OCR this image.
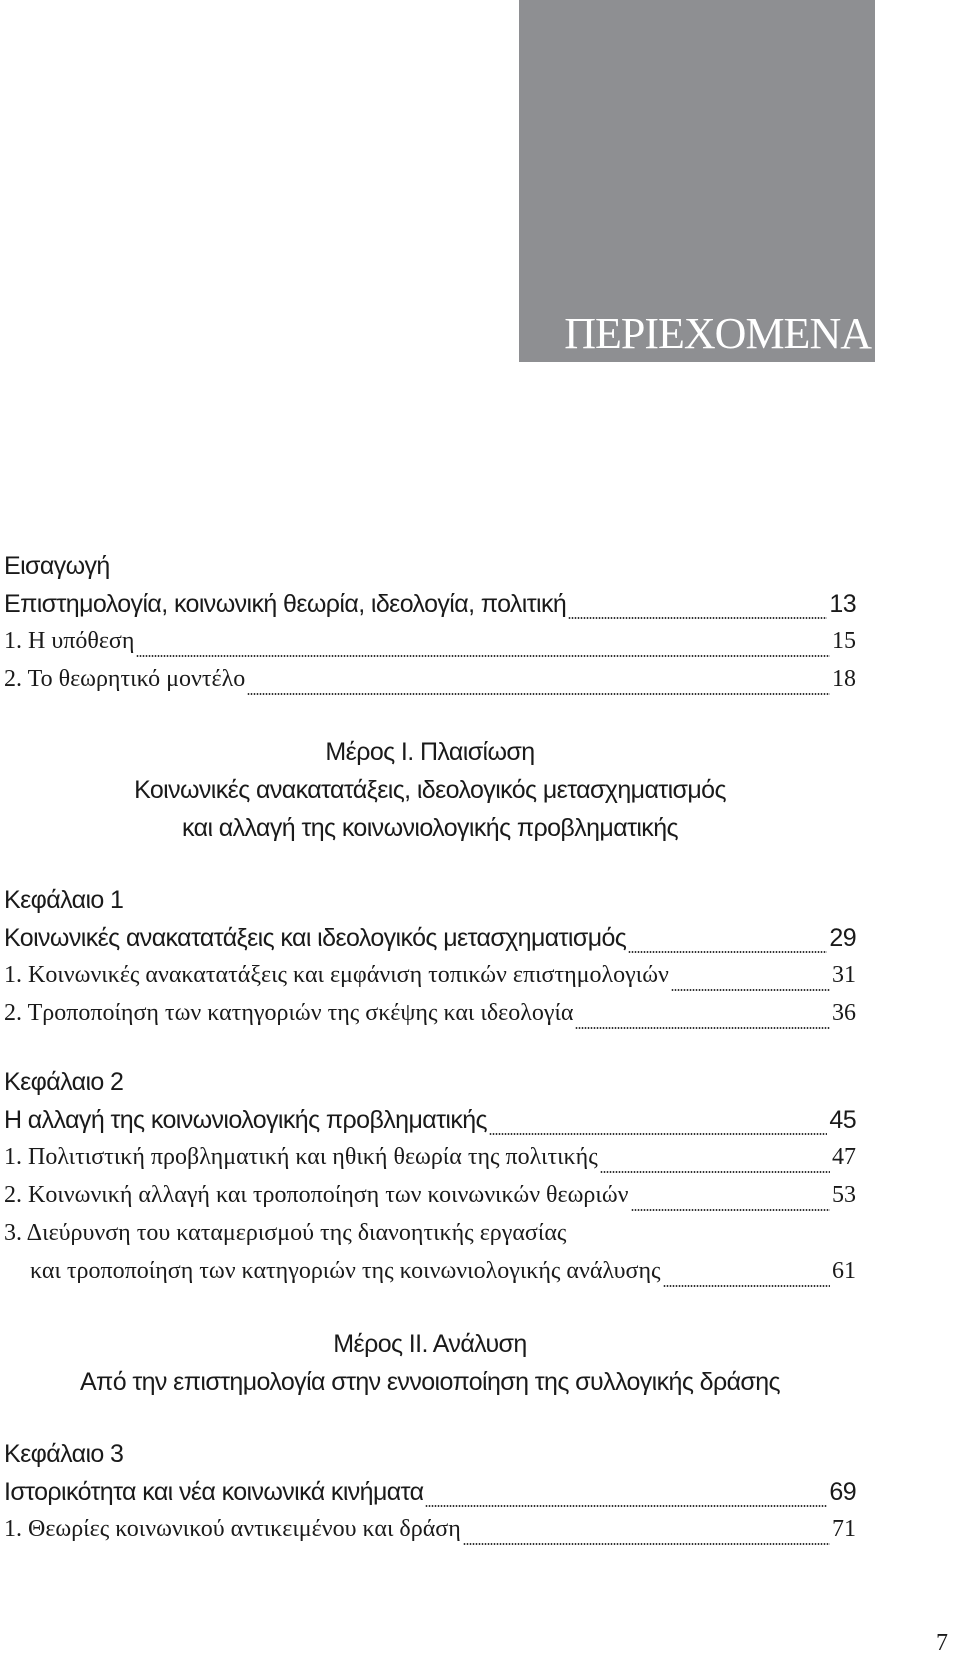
ΠΕΡΙΕΧΟΜΕΝΑ
Εισαγωγή
Επιστημολογία, κοινωνική θεωρία, ιδεολογία, πολιτική	13
1. Η υπόθεση	15
2. Το θεωρητικό μοντέλο	18
Μέρος Ι. Πλαισίωση
Κοινωνικές ανακατατάξεις, ιδεολογικός μετασχηματισμός
και αλλαγή της κοινωνιολογικής προβληματικής
Κεφάλαιο 1
Κοινωνικές ανακατατάξεις και ιδεολογικός μετασχηματισμός	29
1. Κοινωνικές ανακατατάξεις και εμφάνιση τοπικών επιστημολογιών	31
2. Τροποποίηση των κατηγοριών της σκέψης και ιδεολογία	36
Κεφάλαιο 2
Η αλλαγή της κοινωνιολογικής προβληματικής	45
1. Πολιτιστική προβληματική και ηθική θεωρία της πολιτικής	47
2. Κοινωνική αλλαγή και τροποποίηση των κοινωνικών θεωριών	53
3. Διεύρυνση του καταμερισμού της διανοητικής εργασίας
και τροποποίηση των κατηγοριών της κοινωνιολογικής ανάλυσης	61
Μέρος ΙΙ. Ανάλυση
Από την επιστημολογία στην εννοιοποίηση της συλλογικής δράσης
Κεφάλαιο 3
Ιστορικότητα και νέα κοινωνικά κινήματα	69
1. Θεωρίες κοινωνικού αντικειμένου και δράση	71
7
